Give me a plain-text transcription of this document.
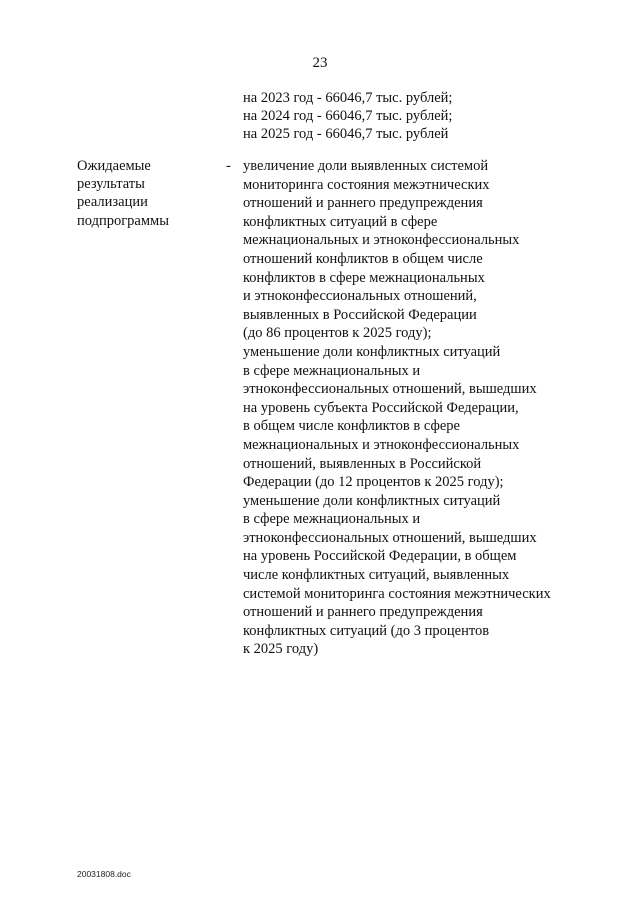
23
на 2023 год - 66046,7 тыс. рублей;
на 2024 год - 66046,7 тыс. рублей;
на 2025 год - 66046,7 тыс. рублей
Ожидаемые
результаты
реализации
подпрограммы
- увеличение доли выявленных системой
мониторинга состояния межэтнических
отношений и раннего предупреждения
конфликтных ситуаций в сфере
межнациональных и этноконфессиональных
отношений конфликтов в общем числе
конфликтов в сфере межнациональных
и этноконфессиональных отношений,
выявленных в Российской Федерации
(до 86 процентов к 2025 году);
уменьшение доли конфликтных ситуаций
в сфере межнациональных и
этноконфессиональных отношений, вышедших
на уровень субъекта Российской Федерации,
в общем числе конфликтов в сфере
межнациональных и этноконфессиональных
отношений, выявленных в Российской
Федерации (до 12 процентов к 2025 году);
уменьшение доли конфликтных ситуаций
в сфере межнациональных и
этноконфессиональных отношений, вышедших
на уровень Российской Федерации, в общем
числе конфликтных ситуаций, выявленных
системой мониторинга состояния межэтнических
отношений и раннего предупреждения
конфликтных ситуаций (до 3 процентов
к 2025 году)
20031808.doc
